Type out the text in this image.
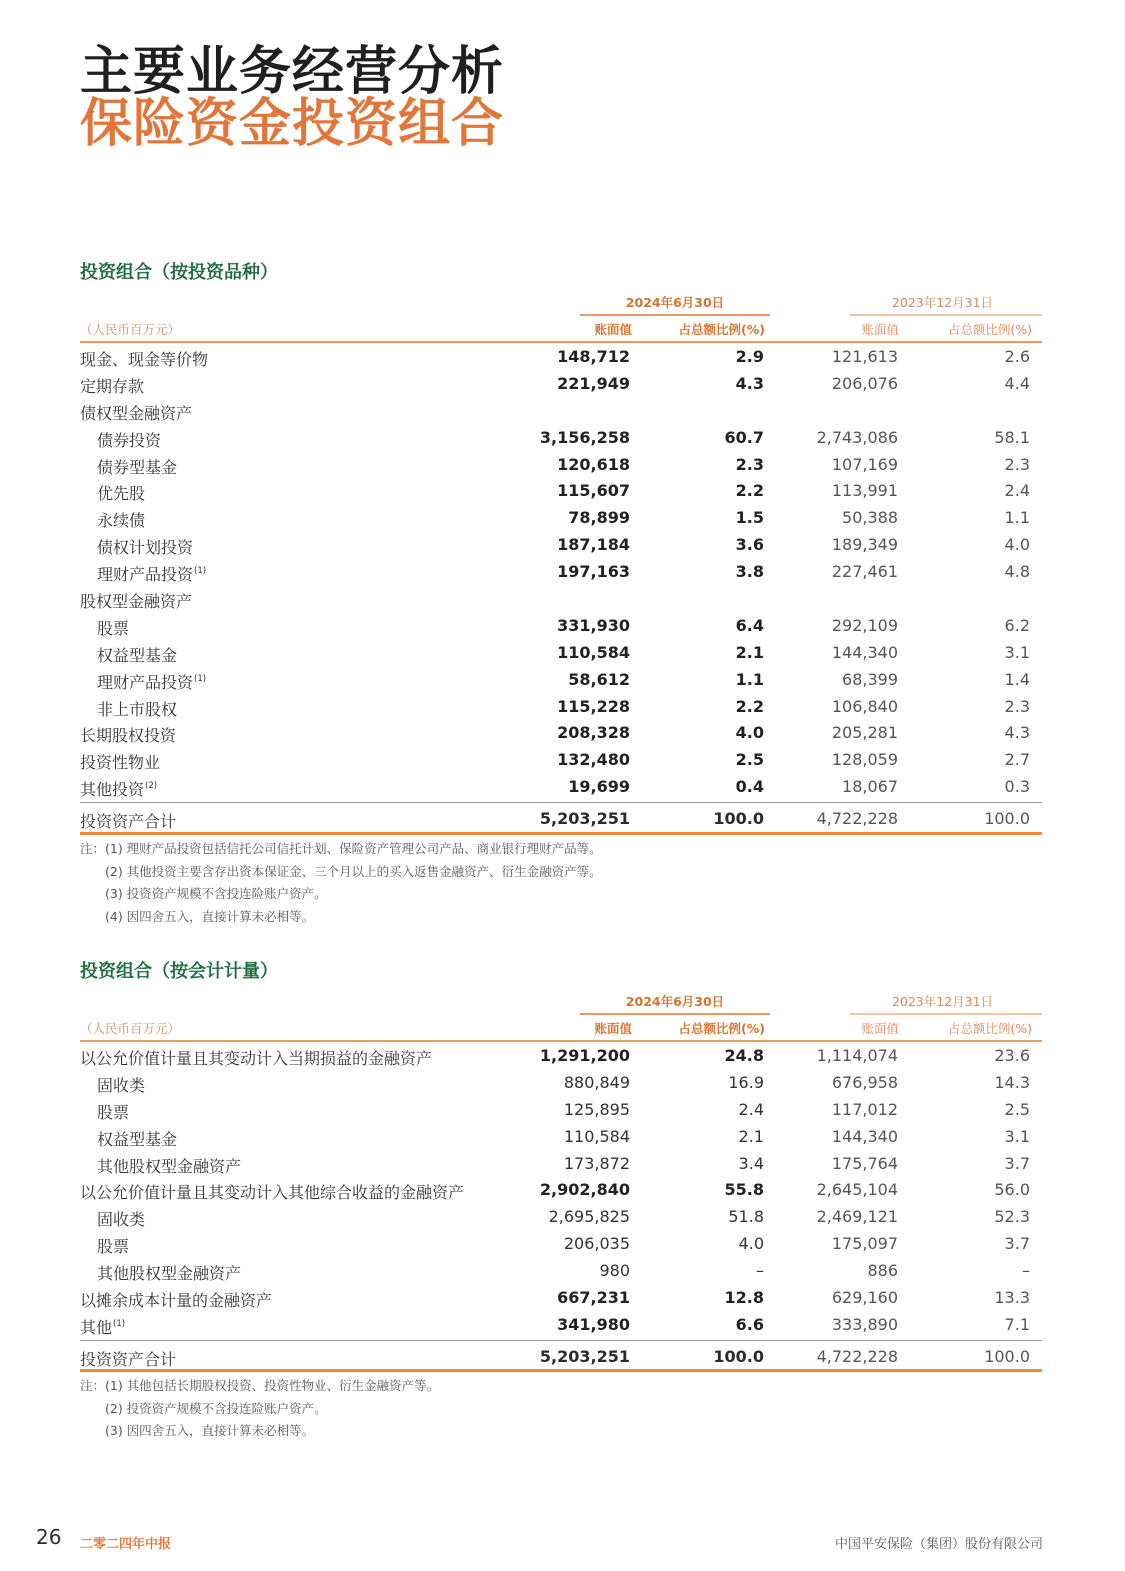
主要业务经营分析
保险资金投资组合
投资组合（按投资品种）
2024年6月30日	2023年12月31日
（人民币百万元）	账面值	占总额比例(%)	账面值	占总额比例(%)
现金、现金等价物	148,712	2.9	121,613	2.6
定期存款	221,949	4.3	206,076	4.4
债权型金融资产
债券投资	3,156,258	60.7	2,743,086	58.1
债券型基金	120,618	2.3	107,169	2.3
优先股	115,607	2.2	113,991	2.4
永续债	78,899	1.5	50,388	1.1
债权计划投资	187,184	3.6	189,349	4.0
理财产品投资$^{(1)}$	197,163	3.8	227,461	4.8
股权型金融资产
股票	331,930	6.4	292,109	6.2
权益型基金	110,584	2.1	144,340	3.1
理财产品投资$^{(1)}$	58,612	1.1	68,399	1.4
非上市股权	115,228	2.2	106,840	2.3
长期股权投资	208,328	4.0	205,281	4.3
投资性物业	132,480	2.5	128,059	2.7
其他投资$^{(2)}$	19,699	0.4	18,067	0.3
投资资产合计	5,203,251	100.0	4,722,228	100.0
注：(1) 理财产品投资包括信托公司信托计划、保险资产管理公司产品、商业银行理财产品等。
(2) 其他投资主要含存出资本保证金、三个月以上的买入返售金融资产、衍生金融资产等。
(3) 投资资产规模不含投连险账户资产。
(4) 因四舍五入，直接计算未必相等。
投资组合（按会计计量）
2024年6月30日	2023年12月31日
（人民币百万元）	账面值	占总额比例(%)	账面值	占总额比例(%)
以公允价值计量且其变动计入当期损益的金融资产	1,291,200	24.8	1,114,074	23.6
固收类	880,849	16.9	676,958	14.3
股票	125,895	2.4	117,012	2.5
权益型基金	110,584	2.1	144,340	3.1
其他股权型金融资产	173,872	3.4	175,764	3.7
以公允价值计量且其变动计入其他综合收益的金融资产	2,902,840	55.8	2,645,104	56.0
固收类	2,695,825	51.8	2,469,121	52.3
股票	206,035	4.0	175,097	3.7
其他股权型金融资产	980	–	886	–
以摊余成本计量的金融资产	667,231	12.8	629,160	13.3
其他$^{(1)}$	341,980	6.6	333,890	7.1
投资资产合计	5,203,251	100.0	4,722,228	100.0
注：(1) 其他包括长期股权投资、投资性物业、衍生金融资产等。
(2) 投资资产规模不含投连险账户资产。
(3) 因四舍五入，直接计算未必相等。
26 二零二四年中报	中国平安保险（集团）股份有限公司
